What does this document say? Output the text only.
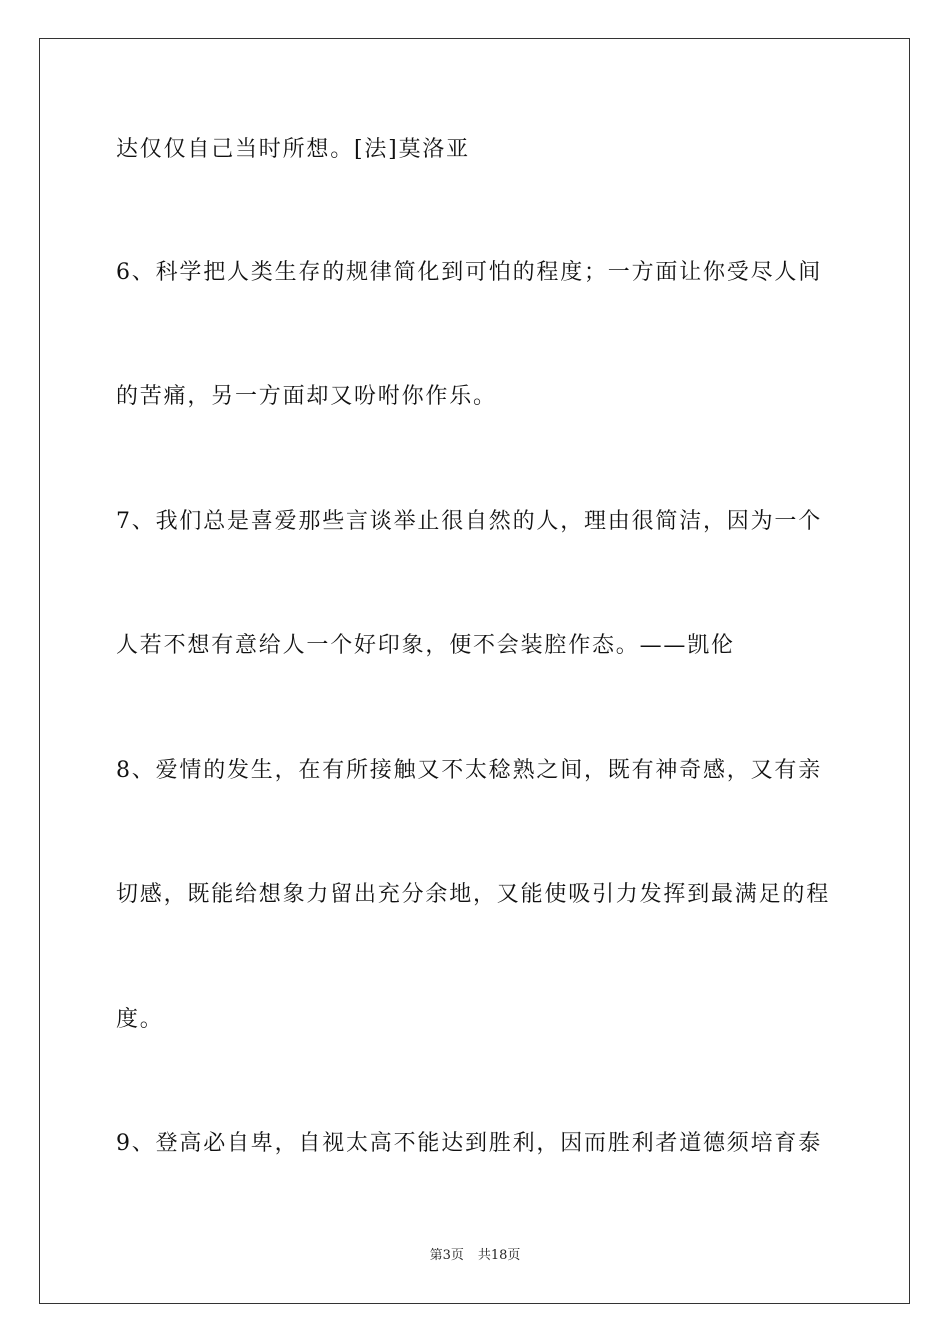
达仅仅自己当时所想。[法]莫洛亚
6、科学把人类生存的规律简化到可怕的程度；一方面让你受尽人间
的苦痛，另一方面却又吩咐你作乐。
7、我们总是喜爱那些言谈举止很自然的人，理由很简洁，因为一个
人若不想有意给人一个好印象，便不会装腔作态。——凯伦
8、爱情的发生，在有所接触又不太稔熟之间，既有神奇感，又有亲
切感，既能给想象力留出充分余地，又能使吸引力发挥到最满足的程
度。
9、登高必自卑，自视太高不能达到胜利，因而胜利者道德须培育泰
第3页 共18页
